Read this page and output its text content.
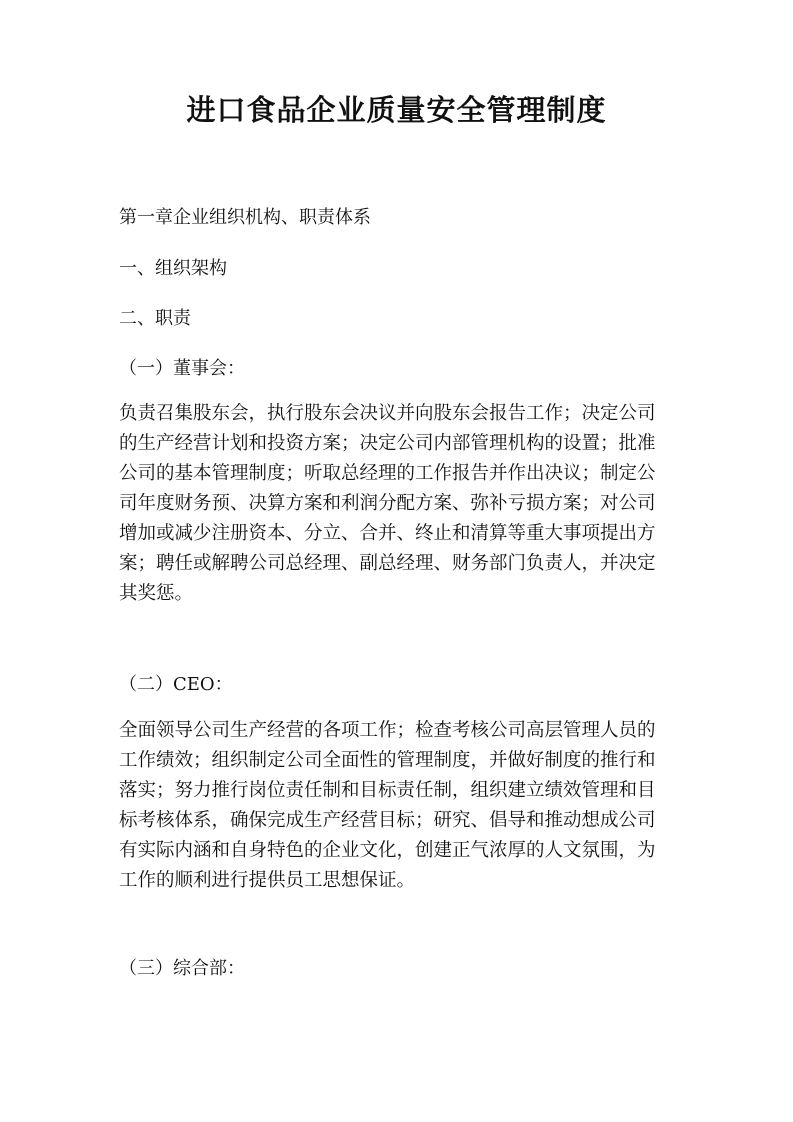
进口食品企业质量安全管理制度
第一章企业组织机构、职责体系
一、组织架构
二、职责
（一）董事会：
负责召集股东会，执行股东会决议并向股东会报告工作；决定公司
的生产经营计划和投资方案；决定公司内部管理机构的设置；批准
公司的基本管理制度；听取总经理的工作报告并作出决议；制定公
司年度财务预、决算方案和利润分配方案、弥补亏损方案；对公司
增加或减少注册资本、分立、合并、终止和清算等重大事项提出方
案；聘任或解聘公司总经理、副总经理、财务部门负责人，并决定
其奖惩。
（二）CEO：
全面领导公司生产经营的各项工作；检查考核公司高层管理人员的
工作绩效；组织制定公司全面性的管理制度，并做好制度的推行和
落实；努力推行岗位责任制和目标责任制，组织建立绩效管理和目
标考核体系，确保完成生产经营目标；研究、倡导和推动想成公司
有实际内涵和自身特色的企业文化，创建正气浓厚的人文氛围，为
工作的顺利进行提供员工思想保证。
（三）综合部：
